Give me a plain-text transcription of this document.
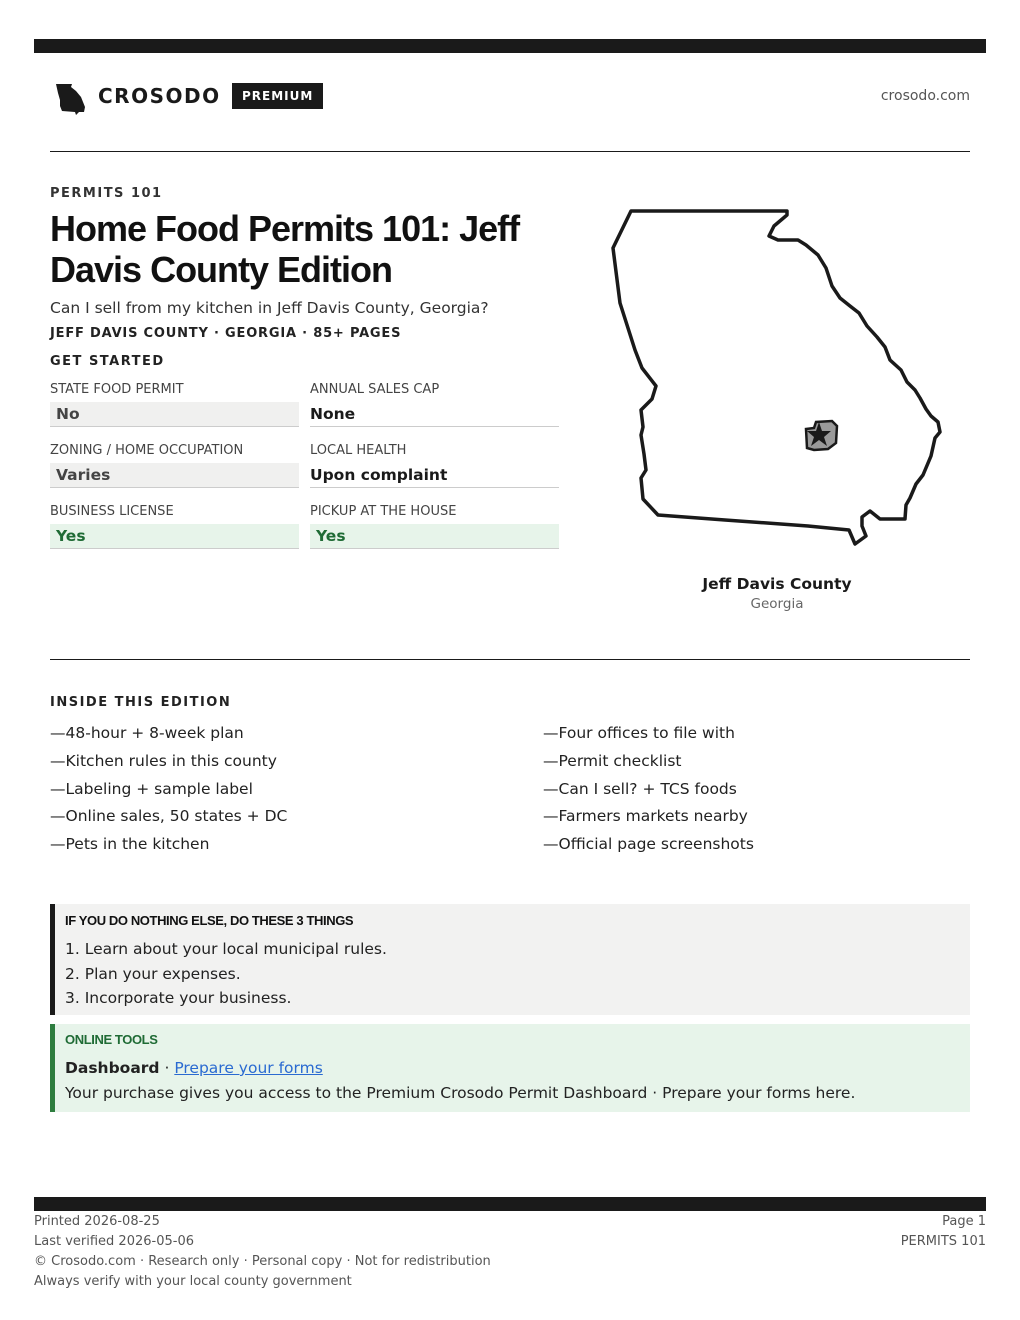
CROSODO	PREMIUM	crosodo.com
PERMITS 101
Home Food Permits 101: Jeff Davis County Edition
Can I sell from my kitchen in Jeff Davis County, Georgia?
JEFF DAVIS COUNTY · GEORGIA · 85+ PAGES
GET STARTED
STATE FOOD PERMIT
No
ANNUAL SALES CAP
None
ZONING / HOME OCCUPATION
Varies
LOCAL HEALTH
Upon complaint
BUSINESS LICENSE
Yes
PICKUP AT THE HOUSE
Yes
Jeff Davis County
Georgia
INSIDE THIS EDITION
—48-hour + 8-week plan
—Kitchen rules in this county
—Labeling + sample label
—Online sales, 50 states + DC
—Pets in the kitchen
—Four offices to file with
—Permit checklist
—Can I sell? + TCS foods
—Farmers markets nearby
—Official page screenshots
IF YOU DO NOTHING ELSE, DO THESE 3 THINGS
1. Learn about your local municipal rules.
2. Plan your expenses.
3. Incorporate your business.
ONLINE TOOLS
Dashboard · Prepare your forms
Your purchase gives you access to the Premium Crosodo Permit Dashboard · Prepare your forms here.
Printed 2026-08-25
Last verified 2026-05-06
© Crosodo.com · Research only · Personal copy · Not for redistribution
Always verify with your local county government
Page 1
PERMITS 101
